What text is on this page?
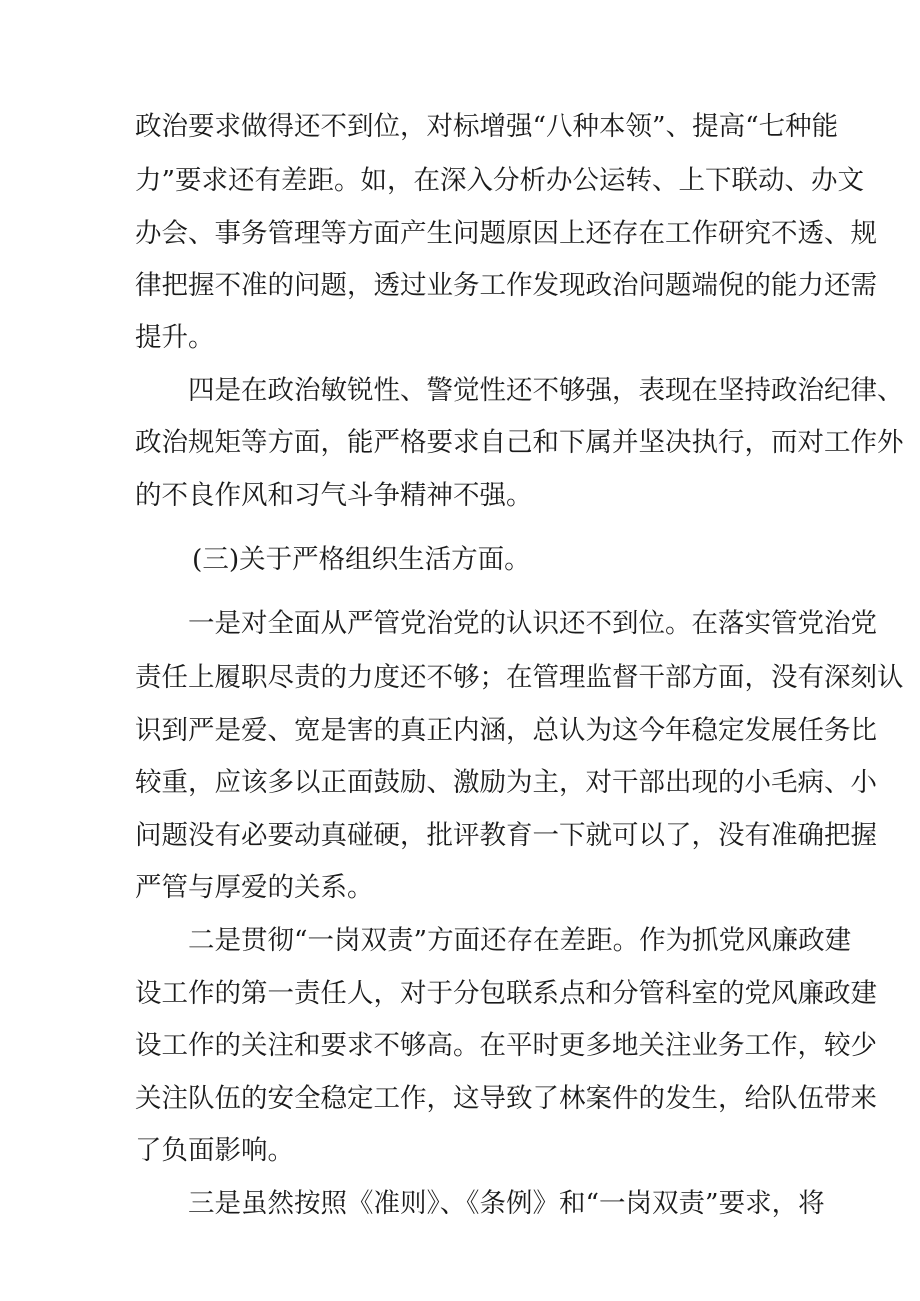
政治要求做得还不到位，对标增强“八种本领”、提高“七种能
力”要求还有差距。如，在深入分析办公运转、上下联动、办文
办会、事务管理等方面产生问题原因上还存在工作研究不透、规
律把握不准的问题，透过业务工作发现政治问题端倪的能力还需
提升。
四是在政治敏锐性、警觉性还不够强，表现在坚持政治纪律、
政治规矩等方面，能严格要求自己和下属并坚决执行，而对工作外
的不良作风和习气斗争精神不强。
(三)关于严格组织生活方面。
一是对全面从严管党治党的认识还不到位。在落实管党治党
责任上履职尽责的力度还不够；在管理监督干部方面，没有深刻认
识到严是爱、宽是害的真正内涵，总认为这今年稳定发展任务比
较重，应该多以正面鼓励、激励为主，对干部出现的小毛病、小
问题没有必要动真碰硬，批评教育一下就可以了，没有准确把握
严管与厚爱的关系。
二是贯彻“一岗双责”方面还存在差距。作为抓党风廉政建
设工作的第一责任人，对于分包联系点和分管科室的党风廉政建
设工作的关注和要求不够高。在平时更多地关注业务工作，较少
关注队伍的安全稳定工作，这导致了林案件的发生，给队伍带来
了负面影响。
三是虽然按照《准则》、《条例》和“一岗双责”要求，将
